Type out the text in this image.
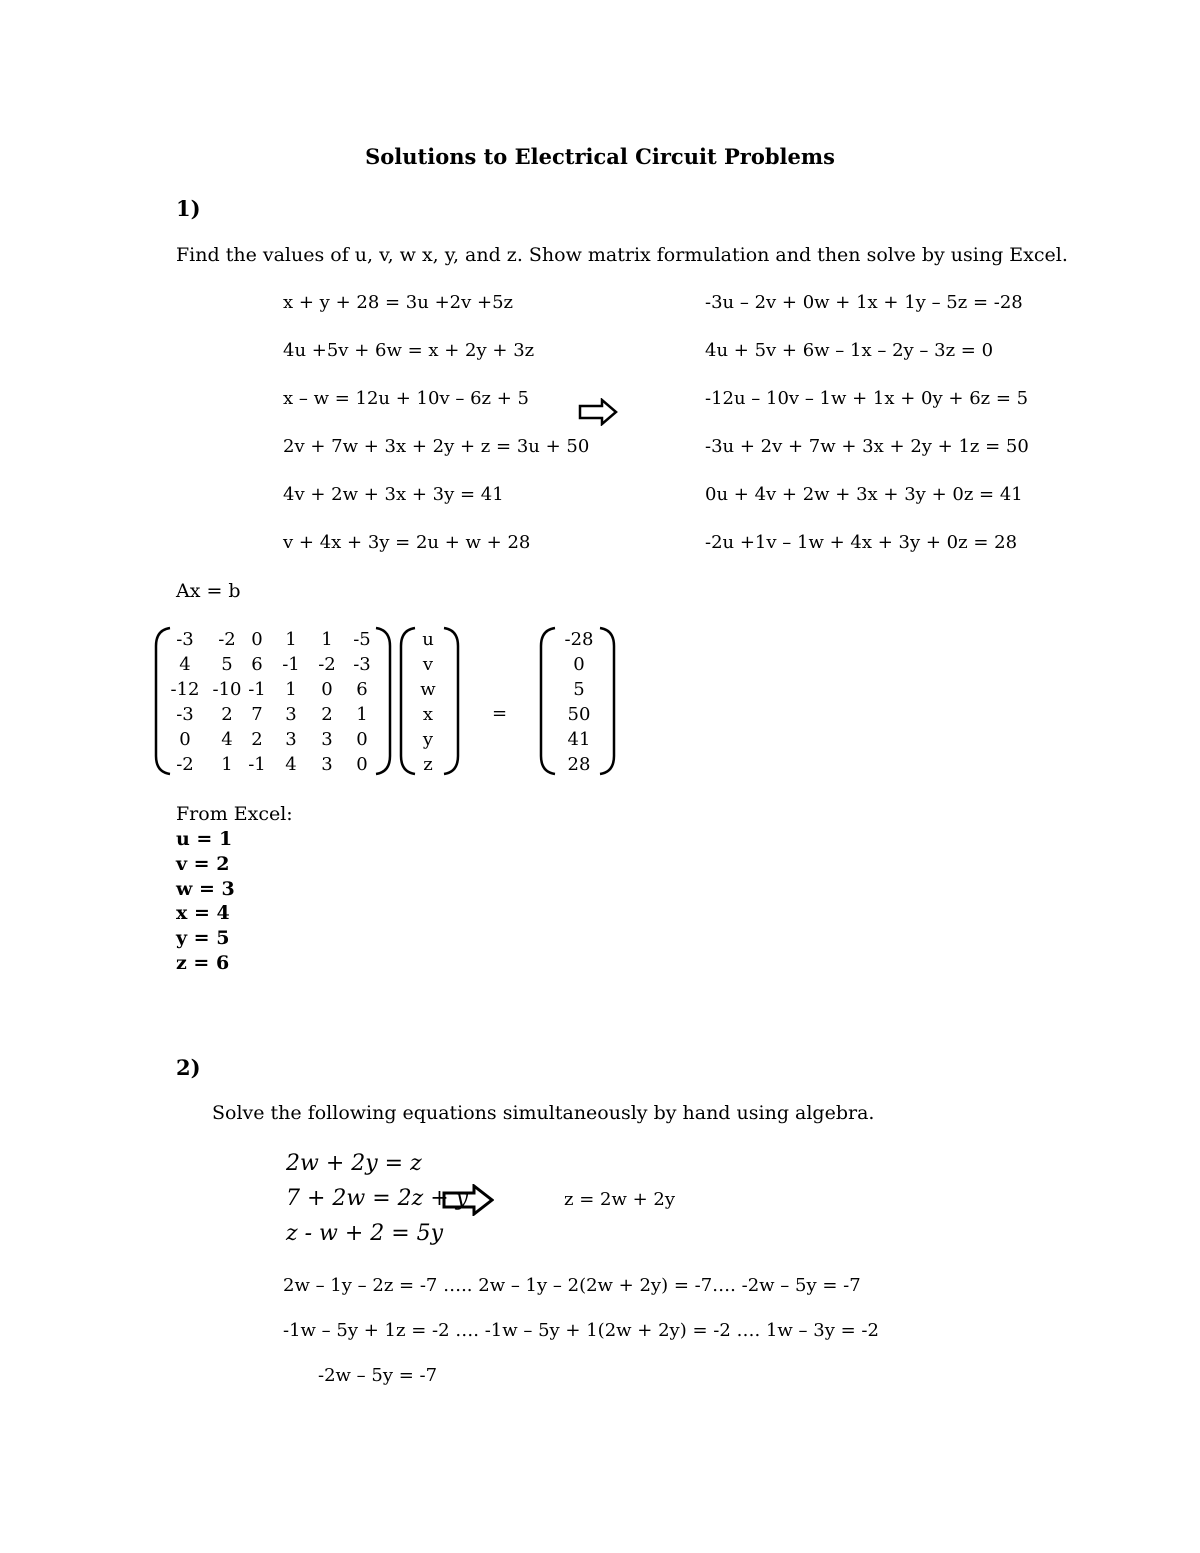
Solutions to Electrical Circuit Problems
1)
Find the values of u, v, w x, y, and z. Show matrix formulation and then solve by using Excel.
x + y + 28 = 3u +2v +5z
4u +5v + 6w = x + 2y + 3z
x – w = 12u + 10v – 6z + 5
2v + 7w + 3x + 2y + z = 3u + 50
4v + 2w + 3x + 3y = 41
v + 4x + 3y = 2u + w + 28
-3u – 2v + 0w + 1x + 1y – 5z = -28
4u + 5v + 6w – 1x – 2y – 3z = 0
-12u – 10v – 1w + 1x + 0y + 6z = 5
-3u + 2v + 7w + 3x + 2y + 1z = 50
0u + 4v + 2w + 3x + 3y + 0z = 41
-2u +1v – 1w + 4x + 3y + 0z = 28
Ax = b
-3	-2 0	1	1	-5
4	5	6	-1	-2 -3
-12 -10 -1	1	0	6
-3	2	7	3	2	1
0	4	2	3	3	0
-2	1 -1	4	3	0
u
v
w
x
y
z
=
-28
0
5
50
41
28
From Excel:
u = 1
v = 2
w = 3
x = 4
y = 5
z = 6
2)
Solve the following equations simultaneously by hand using algebra.
2w + 2y = z
7 + 2w = 2z + y
z - w + 2 = 5y
z = 2w + 2y
2w – 1y – 2z = -7 ….. 2w – 1y – 2(2w + 2y) = -7…. -2w – 5y = -7
-1w – 5y + 1z = -2 …. -1w – 5y + 1(2w + 2y) = -2 …. 1w – 3y = -2
-2w – 5y = -7
